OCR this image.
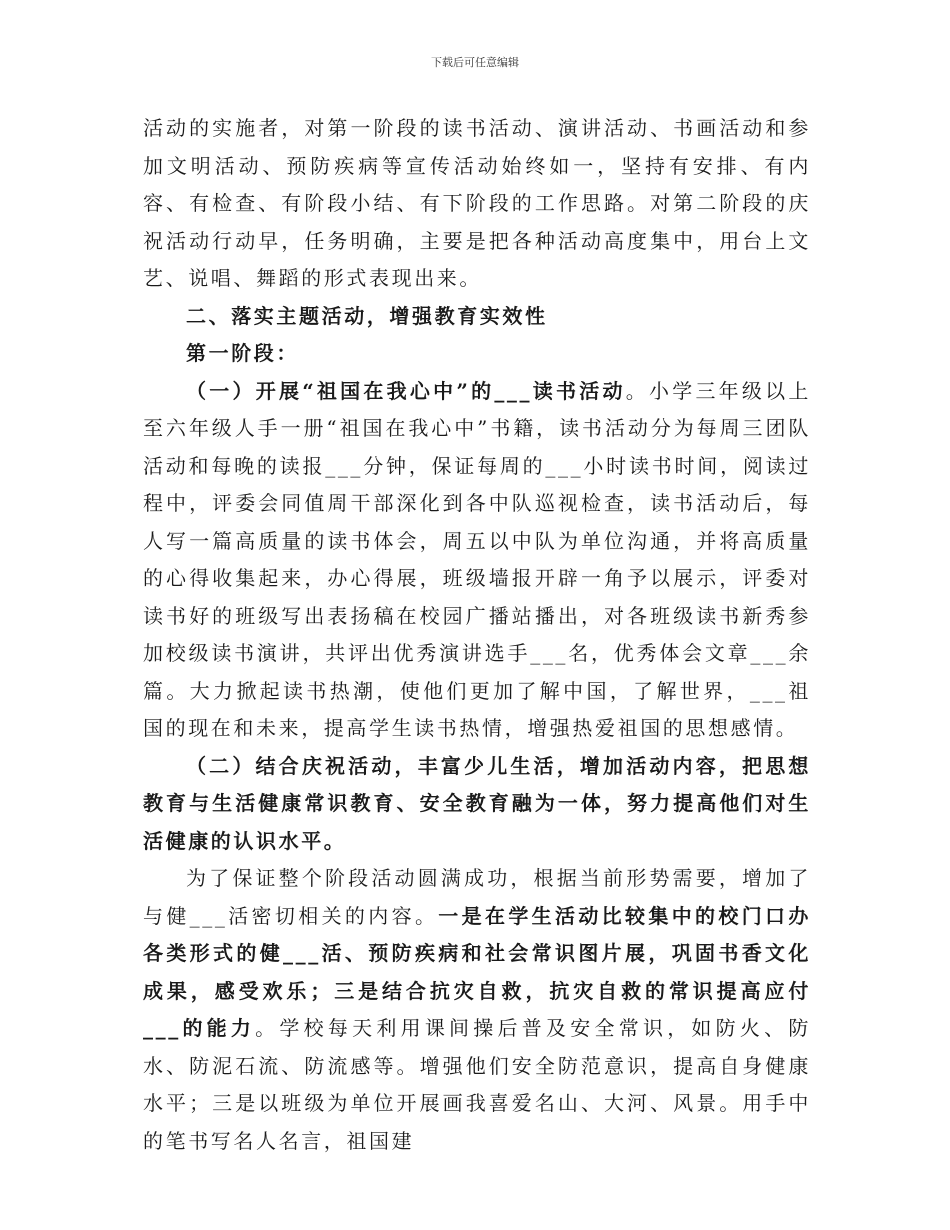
下载后可任意编辑

活动的实施者，对第一阶段的读书活动、演讲活动、书画活动和参加文明活动、预防疾病等宣传活动始终如一，坚持有安排、有内容、有检查、有阶段小结、有下阶段的工作思路。对第二阶段的庆祝活动行动早，任务明确，主要是把各种活动高度集中，用台上文艺、说唱、舞蹈的形式表现出来。

二、落实主题活动，增强教育实效性

第一阶段：

（一）开展“祖国在我心中”的___读书活动。小学三年级以上至六年级人手一册“祖国在我心中”书籍，读书活动分为每周三团队活动和每晚的读报___分钟，保证每周的___小时读书时间，阅读过程中，评委会同值周干部深化到各中队巡视检查，读书活动后，每人写一篇高质量的读书体会，周五以中队为单位沟通，并将高质量的心得收集起来，办心得展，班级墙报开辟一角予以展示，评委对读书好的班级写出表扬稿在校园广播站播出，对各班级读书新秀参加校级读书演讲，共评出优秀演讲选手___名，优秀体会文章___余篇。大力掀起读书热潮，使他们更加了解中国，了解世界，___祖国的现在和未来，提高学生读书热情，增强热爱祖国的思想感情。

（二）结合庆祝活动，丰富少儿生活，增加活动内容，把思想教育与生活健康常识教育、安全教育融为一体，努力提高他们对生活健康的认识水平。

为了保证整个阶段活动圆满成功，根据当前形势需要，增加了与健___活密切相关的内容。一是在学生活动比较集中的校门口办各类形式的健___活、预防疾病和社会常识图片展，巩固书香文化成果，感受欢乐；三是结合抗灾自救，抗灾自救的常识提高应付___的能力。学校每天利用课间操后普及安全常识，如防火、防水、防泥石流、防流感等。增强他们安全防范意识，提高自身健康水平；三是以班级为单位开展画我喜爱名山、大河、风景。用手中的笔书写名人名言，祖国建
